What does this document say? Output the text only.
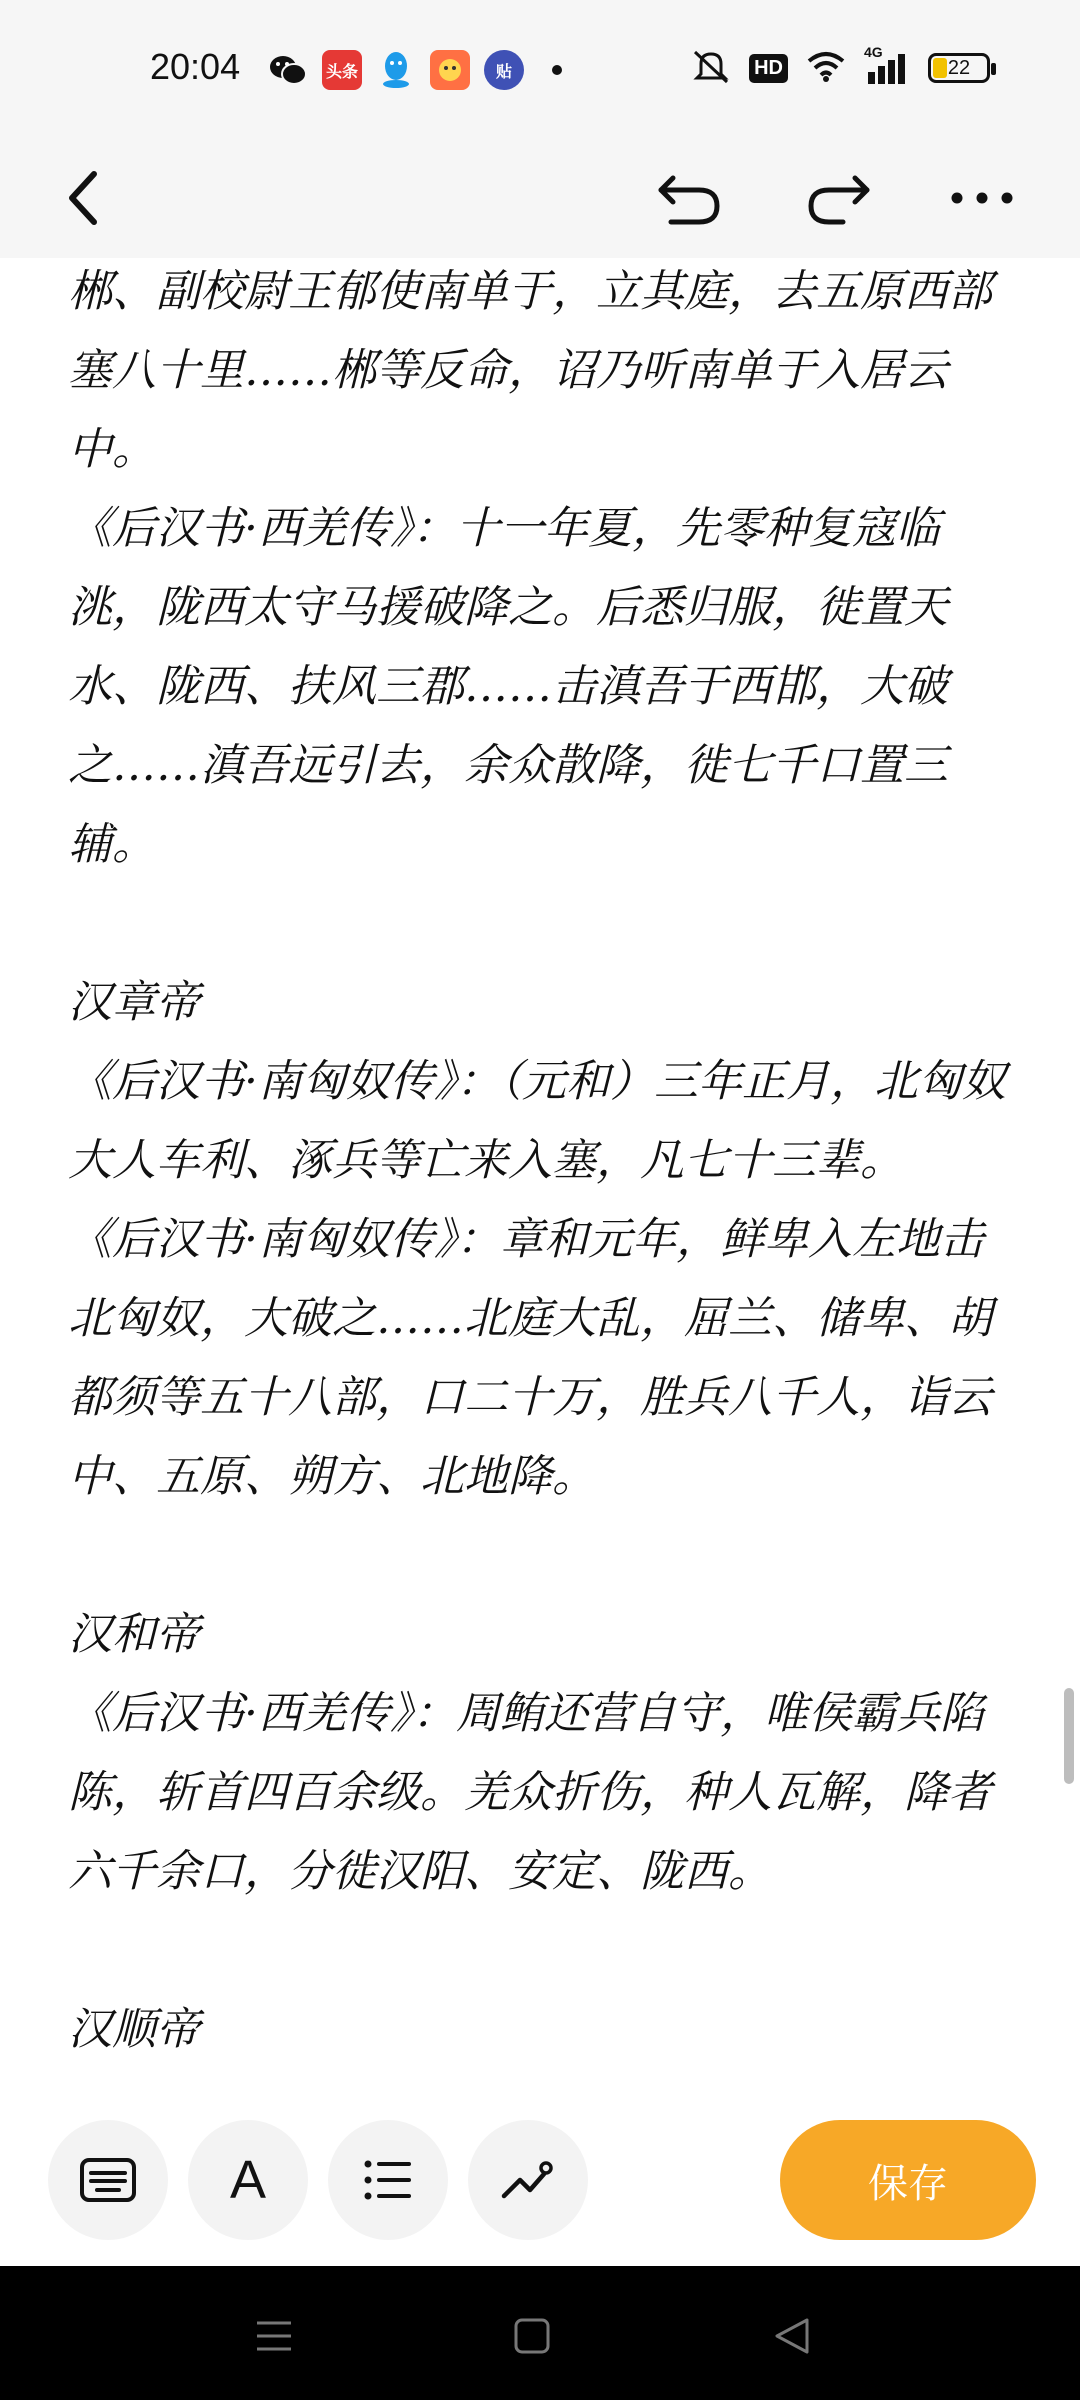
20:04	头条	贴	HD
4G
22

郴、副校尉王郁使南单于，立其庭，去五原西部塞八十里……郴等反命，诏乃听南单于入居云中。

《后汉书·西羌传》：十一年夏，先零种复寇临洮，陇西太守马援破降之。后悉归服，徙置天水、陇西、扶风三郡……击滇吾于西邯，大破之……滇吾远引去，余众散降，徙七千口置三辅。

汉章帝

《后汉书·南匈奴传》：（元和）三年正月，北匈奴大人车利、涿兵等亡来入塞，凡七十三辈。

《后汉书·南匈奴传》：章和元年，鲜卑入左地击北匈奴，大破之……北庭大乱，屈兰、储卑、胡都须等五十八部，口二十万，胜兵八千人，诣云中、五原、朔方、北地降。

汉和帝

《后汉书·西羌传》：周鲔还营自守，唯侯霸兵陷陈，斩首四百余级。羌众折伤，种人瓦解，降者六千余口，分徙汉阳、安定、陇西。

汉顺帝

A	保存
